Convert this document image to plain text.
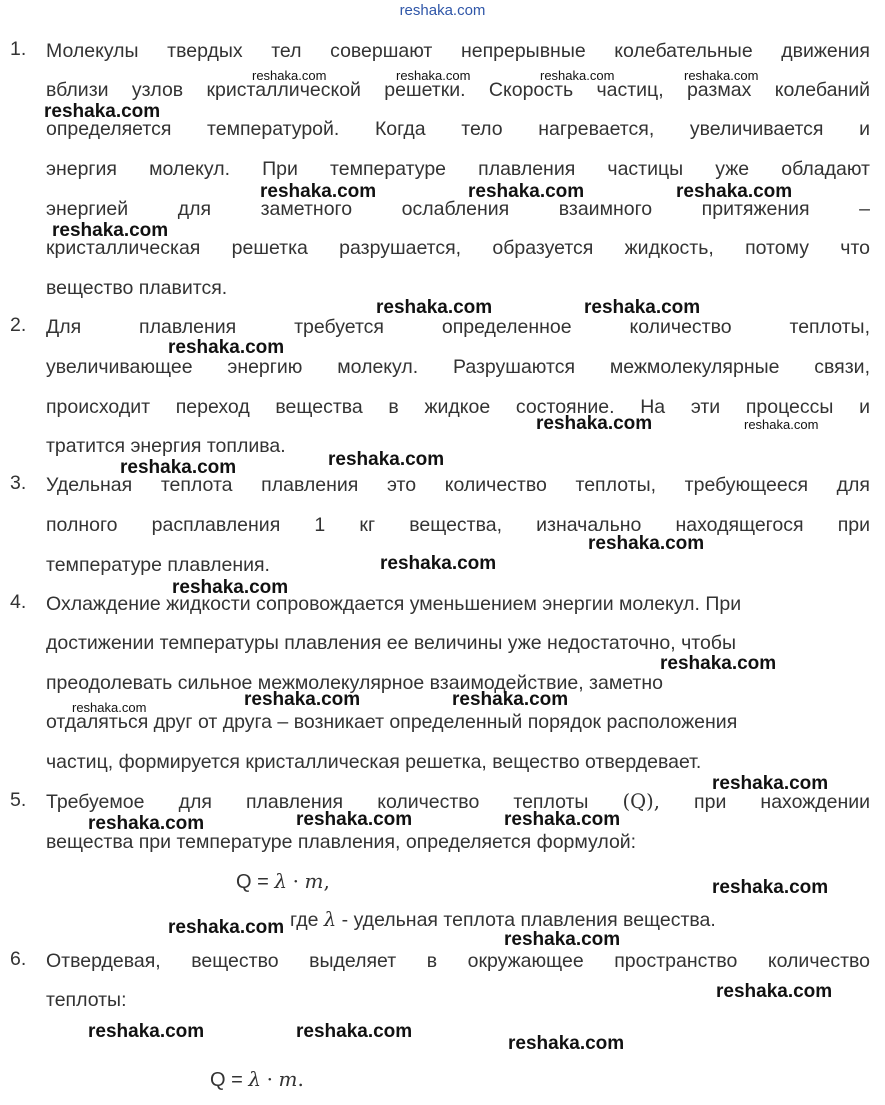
reshaka.com
1. Молекулы твердых тел совершают непрерывные колебательные движения
вблизи узлов кристаллической решетки. Скорость частиц, размах колебаний
определяется температурой. Когда тело нагревается, увеличивается и
энергия молекул. При температуре плавления частицы уже обладают
энергией для заметного ослабления взаимного притяжения –
кристаллическая решетка разрушается, образуется жидкость, потому что
вещество плавится.
2. Для плавления требуется определенное количество теплоты,
увеличивающее энергию молекул. Разрушаются межмолекулярные связи,
происходит переход вещества в жидкое состояние. На эти процессы и
тратится энергия топлива.
3. Удельная теплота плавления это количество теплоты, требующееся для
полного расплавления 1 кг вещества, изначально находящегося при
температуре плавления.
4. Охлаждение жидкости сопровождается уменьшением энергии молекул. При
достижении температуры плавления ее величины уже недостаточно, чтобы
преодолевать сильное межмолекулярное взаимодействие, заметно
отдаляться друг от друга – возникает определенный порядок расположения
частиц, формируется кристаллическая решетка, вещество отвердевает.
5. Требуемое для плавления количество теплоты (Q), при нахождении
вещества при температуре плавления, определяется формулой:
Q = λ · m,
где λ - удельная теплота плавления вещества.
6. Отвердевая, вещество выделяет в окружающее пространство количество
теплоты:
Q = λ · m.
reshaka.com	reshaka.com	reshaka.com	reshaka.com
reshaka.com
reshaka.com
reshaka.com
reshaka.com	reshaka.com	reshaka.com
reshaka.com
reshaka.com	reshaka.com
reshaka.com
reshaka.com
reshaka.com
reshaka.com
reshaka.com
reshaka.com
reshaka.com
reshaka.com
reshaka.com	reshaka.com
reshaka.com
reshaka.com	reshaka.com
reshaka.com
reshaka.com
reshaka.com
reshaka.com
reshaka.com
reshaka.com	reshaka.com
reshaka.com
